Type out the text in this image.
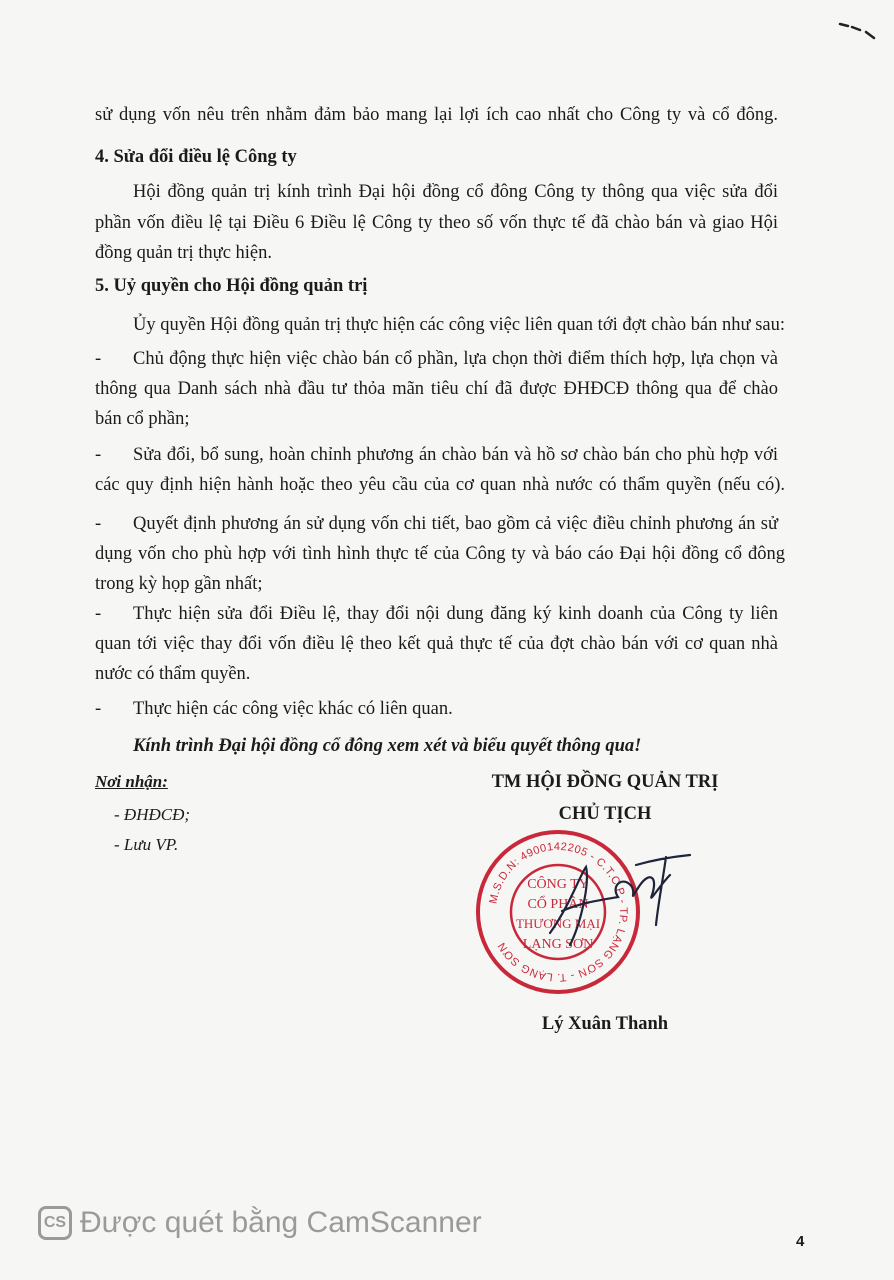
sử dụng vốn nêu trên nhằm đảm bảo mang lại lợi ích cao nhất cho Công ty và cổ đông.
4. Sửa đổi điều lệ Công ty
Hội đồng quản trị kính trình Đại hội đồng cổ đông Công ty thông qua việc sửa đổi
phần vốn điều lệ tại Điều 6 Điều lệ Công ty theo số vốn thực tế đã chào bán và giao Hội
đồng quản trị thực hiện.
5. Uỷ quyền cho Hội đồng quản trị
Ủy quyền Hội đồng quản trị thực hiện các công việc liên quan tới đợt chào bán như sau:
- Chủ động thực hiện việc chào bán cổ phần, lựa chọn thời điểm thích hợp, lựa chọn và
thông qua Danh sách nhà đầu tư thỏa mãn tiêu chí đã được ĐHĐCĐ thông qua để chào
bán cổ phần;
- Sửa đổi, bổ sung, hoàn chỉnh phương án chào bán và hồ sơ chào bán cho phù hợp với
các quy định hiện hành hoặc theo yêu cầu của cơ quan nhà nước có thẩm quyền (nếu có).
- Quyết định phương án sử dụng vốn chi tiết, bao gồm cả việc điều chỉnh phương án sử
dụng vốn cho phù hợp với tình hình thực tế của Công ty và báo cáo Đại hội đồng cổ đông
trong kỳ họp gần nhất;
- Thực hiện sửa đổi Điều lệ, thay đổi nội dung đăng ký kinh doanh của Công ty liên
quan tới việc thay đổi vốn điều lệ theo kết quả thực tế của đợt chào bán với cơ quan nhà
nước có thẩm quyền.
- Thực hiện các công việc khác có liên quan.
Kính trình Đại hội đồng cổ đông xem xét và biểu quyết thông qua!
Nơi nhận:
- ĐHĐCĐ;
- Lưu VP.
TM HỘI ĐỒNG QUẢN TRỊ
CHỦ TỊCH
M.S.D.N: 4900142205 - C.T.C.P - TP. LẠNG SƠN - T. LẠNG SƠN
CÔNG TY
CỔ PHẦN
THƯƠNG MẠI
LẠNG SƠN
Lý Xuân Thanh
CS Được quét bằng CamScanner
4
